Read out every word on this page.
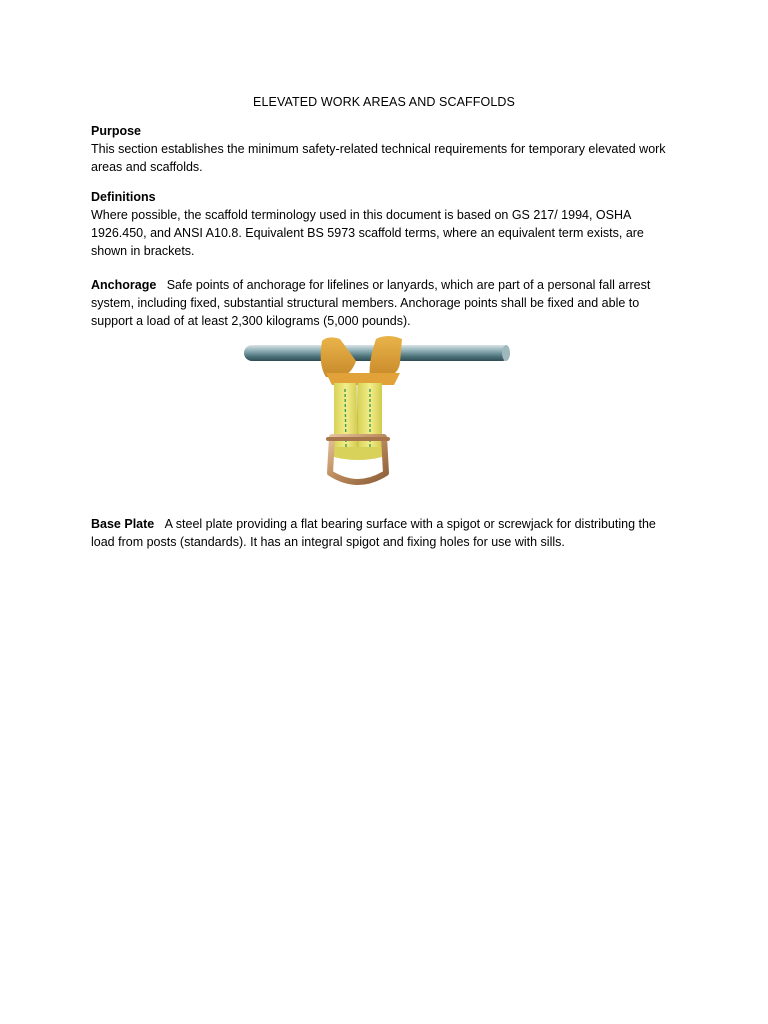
ELEVATED WORK AREAS AND SCAFFOLDS

Purpose

This section establishes the minimum safety-related technical requirements for temporary elevated work areas and scaffolds.

Definitions

Where possible, the scaffold terminology used in this document is based on GS 217/ 1994, OSHA 1926.450, and ANSI A10.8. Equivalent BS 5973 scaffold terms, where an equivalent term exists, are shown in brackets.

Anchorage Safe points of anchorage for lifelines or lanyards, which are part of a personal fall arrest system, including fixed, substantial structural members. Anchorage points shall be fixed and able to support a load of at least 2,300 kilograms (5,000 pounds).

Base Plate A steel plate providing a flat bearing surface with a spigot or screwjack for distributing the load from posts (standards). It has an integral spigot and fixing holes for use with sills.
